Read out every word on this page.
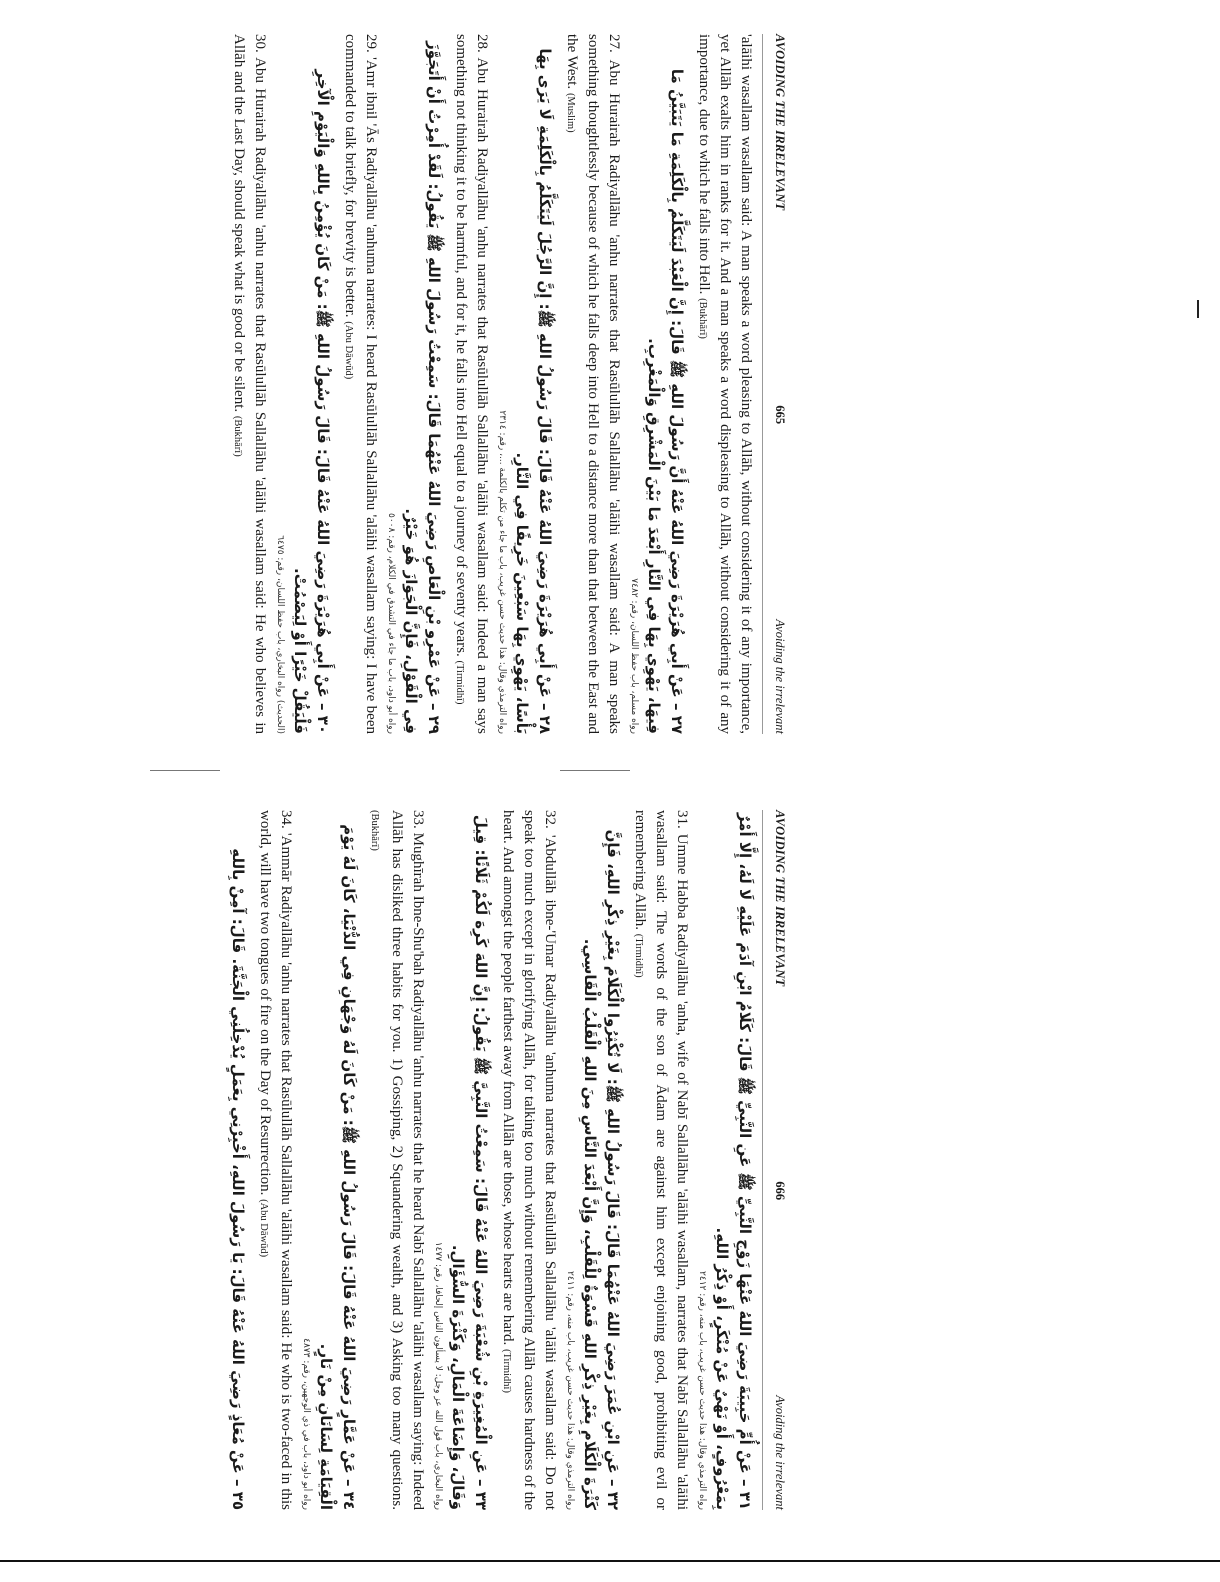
AVOIDING THE IRRELEVANT
665
Avoiding the irrelevant

'alāihi wasallam wasallam said: A man speaks a word pleasing to Allāh, without considering it of any importance, yet Allāh exalts him in ranks for it. And a man speaks a word displeasing to Allāh, without considering it of any importance, due to which he falls into Hell. (Bukhārī)

٢٧ – عَنْ أَبِي هُرَيْرَةَ رَضِيَ اللهُ عَنْهُ أَنَّ رَسُولَ اللهِ ﷺ قَالَ: إِنَّ الْعَبْدَ لَيَتَكَلَّمُ بِالْكَلِمَةِ مَا يَتَبَيَّنُ مَا فِيهَا، يَهْوِي بِهَا فِي النَّارِ أَبْعَدَ مَا بَيْنَ الْمَشْرِقِ وَالْمَغْرِبِ.
رواه مسلم، باب حفظ اللسان، رقم: ٧٤٨٢

27. Abu Hurairah Radiyallāhu 'anhu narrates that Rasūlullāh Sallallāhu 'alāihi wasallam said: A man speaks something thoughtlessly because of which he falls deep into Hell to a distance more than that between the East and the West. (Muslim)

٢٨ – عَنْ أَبِي هُرَيْرَةَ رَضِيَ اللهُ عَنْهُ قَالَ: قَالَ رَسُولُ اللهِ ﷺ: إِنَّ الرَّجُلَ لَيَتَكَلَّمُ بِالْكَلِمَةِ لَا يَرَى بِهَا بَأْسًا، يَهْوِي بِهَا سَبْعِينَ خَرِيفًا فِي النَّارِ.
رواه الترمذي وقال: هذا حديث حسن غريب، باب ما جاء من تكلم بالكلمة ...، رقم: ٢٣١٤

28. Abu Hurairah Radiyallāhu 'anhu narrates that Rasūlullāh Sallallāhu 'alāihi wasallam said: Indeed a man says something not thinking it to be harmful, and for it, he falls into Hell equal to a journey of seventy years. (Tirmidhī)

٢٩ – عَنْ عَمْرِو بْنِ الْعَاصِ رَضِيَ اللهُ عَنْهُمَا قَالَ: سَمِعْتُ رَسُولَ اللهِ ﷺ يَقُولُ: لَقَدْ أُمِرْتُ أَنْ أَتَجَوَّزَ فِي الْقَوْلِ، فَإِنَّ الْجَوَازَ هُوَ خَيْرٌ.
رواه أبو داود، باب ما جاء في التشدق في الكلام، رقم: ٥٠٠٨

29. 'Amr ibnil 'Ās Radiyallāhu 'anhuma narrates: I heard Rasūlullāh Sallallāhu 'alāihi wasallam saying: I have been commanded to talk briefly, for brevity is better. (Abu Dāwūd)

٣٠ – عَنْ أَبِي هُرَيْرَةَ رَضِيَ اللهُ عَنْهُ قَالَ: قَالَ رَسُولُ اللهِ ﷺ: مَنْ كَانَ يُؤْمِنُ بِاللهِ وَالْيَوْمِ الْآخِرِ فَلْيَقُلْ خَيْرًا أَوْ لِيَصْمُتْ.
(الحديث) رواه البخاري، باب حفظ اللسان، رقم: ٦٤٧٥

30. Abu Hurairah Radiyallāhu 'anhu narrates that Rasūlullāh Sallallāhu 'alāihi wasallam said: He who believes in Allāh and the Last Day, should speak what is good or be silent. (Bukhārī)

AVOIDING THE IRRELEVANT
666
Avoiding the irrelevant
٣١ – عَنْ أُمِّ حَبِيبَةَ رَضِيَ اللهُ عَنْهَا زَوْجِ النَّبِيِّ ﷺ عَنِ النَّبِيِّ ﷺ قَالَ: كَلَامُ ابْنِ آدَمَ عَلَيْهِ لَا لَهُ، إِلَّا أَمْرٌ بِمَعْرُوفٍ، أَوْ نَهْيٌ عَنْ مُنْكَرٍ، أَوْ ذِكْرُ اللهِ.
رواه الترمذي وقال: هذا حديث حسن غريب، باب منه، رقم: ٢٤١٢

31. Umme Habba Radiyallāhu 'anha, wife of Nabī Sallallāhu 'alāihi wasallam, narrates that Nabī Sallallāhu 'alāihi wasallam said: The words of the son of Ādam are against him except enjoining good, prohibiting evil or remembering Allāh. (Tirmidhī)

٣٢ – عَنِ ابْنِ عُمَرَ رَضِيَ اللهُ عَنْهُمَا قَالَ: قَالَ رَسُولُ اللهِ ﷺ: لَا تُكْثِرُوا الْكَلَامَ بِغَيْرِ ذِكْرِ اللهِ، فَإِنَّ كَثْرَةَ الْكَلَامِ بِغَيْرِ ذِكْرِ اللهِ قَسْوَةٌ لِلْقَلْبِ، وَإِنَّ أَبْعَدَ النَّاسِ مِنَ اللهِ الْقَلْبُ الْقَاسِي.
رواه الترمذي وقال: هذا حديث حسن غريب، باب منه، رقم: ٢٤١١

32. 'Abdullāh ibne-'Umar Radiyallāhu 'anhuma narrates that Rasūlullāh Sallallāhu 'alāihi wasallam said: Do not speak too much except in glorifying Allāh, for talking too much without remembering Allāh causes hardness of the heart. And amongst the people farthest away from Allāh are those, whose hearts are hard. (Tirmidhī)

٣٣ – عَنِ الْمُغِيرَةِ بْنِ شُعْبَةَ رَضِيَ اللهُ عَنْهُ قَالَ: سَمِعْتُ النَّبِيَّ ﷺ يَقُولُ: إِنَّ اللهَ كَرِهَ لَكُمْ ثَلَاثًا: قِيلَ وَقَالَ، وَإِضَاعَةَ الْمَالِ، وَكَثْرَةَ السُّؤَالِ.
رواه البخاري، باب قول الله عز وجل: لا يسألون الناس إلحافا، رقم: ١٤٧٧

33. Mughīrah Ibne-Shu'bah Radiyallāhu 'anhu narrates that he heard Nabī Sallallāhu 'alāihi wasallam saying: Indeed Allāh has disliked three habits for you. 1) Gossiping, 2) Squandering wealth, and 3) Asking too many questions. (Bukhārī)

٣٤ – عَنْ عَمَّارٍ رَضِيَ اللهُ عَنْهُ قَالَ: قَالَ رَسُولُ اللهِ ﷺ: مَنْ كَانَ لَهُ وَجْهَانِ فِي الدُّنْيَا، كَانَ لَهُ يَوْمَ الْقِيَامَةِ لِسَانَانِ مِنْ نَارٍ.
رواه أبو داود، باب في ذي الوجهين، رقم: ٤٨٧٣

34. 'Ammār Radiyallāhu 'anhu narrates that Rasūlullāh Sallallāhu 'alāihi wasallam said: He who is two-faced in this world, will have two tongues of fire on the Day of Resurrection. (Abu Dāwūd)

٣٥ – عَنْ مُعَاذٍ رَضِيَ اللهُ عَنْهُ قَالَ: يَا رَسُولَ اللهِ، أَخْبِرْنِي بِعَمَلٍ يُدْخِلُنِي الْجَنَّةَ. قَالَ: آمِنْ بِاللهِ
